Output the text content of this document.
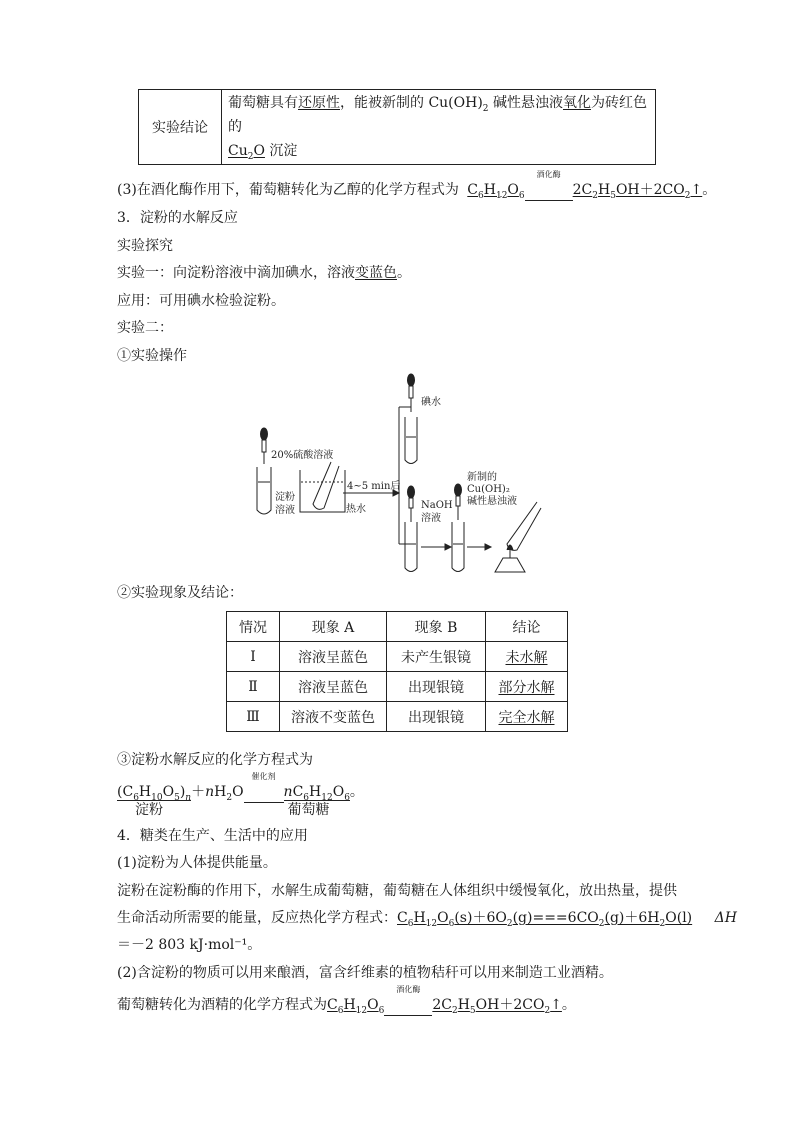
实验结论	葡萄糖具有还原性，能被新制的 $Cu(OH)_2$ 碱性悬浊液氧化为砖红色的
$Cu_2O$ 沉淀
(3)在酒化酶作用下，葡萄糖转化为乙醇的化学方程式为 $C_6H_{12}O_6$
酒化酶
$2C_2H_5OH+2CO_2↑$。
3．淀粉的水解反应
实验探究
实验一：向淀粉溶液中滴加碘水，溶液变蓝色。
应用：可用碘水检验淀粉。
实验二：
①实验操作
20%硫酸溶液
淀粉
溶液	热水
4~5 min后
碘水
NaOH
溶液
新制的
Cu(OH)₂
碱性悬浊液
②实验现象及结论：
情况	现象 A	现象 B	结论
Ⅰ	溶液呈蓝色	未产生银镜	未水解
Ⅱ	溶液呈蓝色	出现银镜	部分水解
Ⅲ	溶液不变蓝色	出现银镜	完全水解
③淀粉水解反应的化学方程式为
$(C_6H_{10}O_5)_n$
淀粉
$+nH_2O$
催化剂
$nC_6H_{12}O_6$
葡萄糖
。
4．糖类在生产、生活中的应用
(1)淀粉为人体提供能量。
淀粉在淀粉酶的作用下，水解生成葡萄糖，葡萄糖在人体组织中缓慢氧化，放出热量，提供
生命活动所需要的能量，反应热化学方程式：$C_6H_{12}O_6(s)+6O_2(g)===6CO_2(g)+6H_2O(l)$ ΔH
＝－2 803 kJ·mol⁻¹。
(2)含淀粉的物质可以用来酿酒，富含纤维素的植物秸秆可以用来制造工业酒精。
葡萄糖转化为酒精的化学方程式为$C_6H_{12}O_6$
酒化酶
$2C_2H_5OH+2CO_2↑$。
